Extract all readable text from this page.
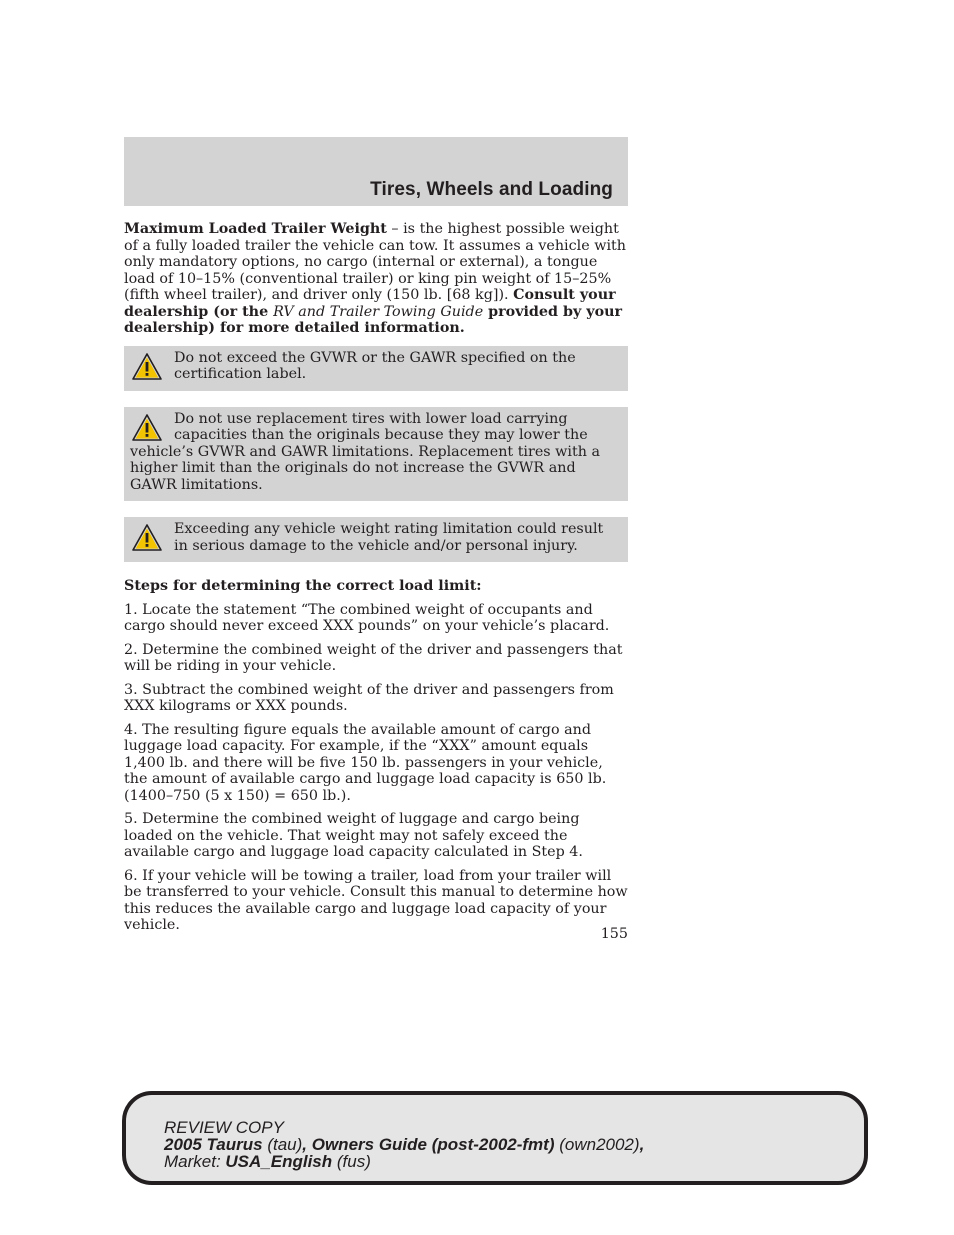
Tires, Wheels and Loading

Maximum Loaded Trailer Weight – is the highest possible weight of a fully loaded trailer the vehicle can tow. It assumes a vehicle with only mandatory options, no cargo (internal or external), a tongue load of 10–15% (conventional trailer) or king pin weight of 15–25% (fifth wheel trailer), and driver only (150 lb. [68 kg]). Consult your dealership (or the RV and Trailer Towing Guide provided by your dealership) for more detailed information.

Do not exceed the GVWR or the GAWR specified on the certification label.
Do not use replacement tires with lower load carrying capacities than the originals because they may lower the vehicle’s GVWR and GAWR limitations. Replacement tires with a higher limit than the originals do not increase the GVWR and GAWR limitations.
Exceeding any vehicle weight rating limitation could result in serious damage to the vehicle and/or personal injury.

Steps for determining the correct load limit:

1. Locate the statement “The combined weight of occupants and cargo should never exceed XXX pounds” on your vehicle’s placard.

2. Determine the combined weight of the driver and passengers that will be riding in your vehicle.

3. Subtract the combined weight of the driver and passengers from XXX kilograms or XXX pounds.

4. The resulting figure equals the available amount of cargo and luggage load capacity. For example, if the “XXX” amount equals 1,400 lb. and there will be five 150 lb. passengers in your vehicle, the amount of available cargo and luggage load capacity is 650 lb. (1400–750 (5 x 150) = 650 lb.).

5. Determine the combined weight of luggage and cargo being loaded on the vehicle. That weight may not safely exceed the available cargo and luggage load capacity calculated in Step 4.

6. If your vehicle will be towing a trailer, load from your trailer will be transferred to your vehicle. Consult this manual to determine how this reduces the available cargo and luggage load capacity of your vehicle.

155
REVIEW COPY
2005 Taurus (tau), Owners Guide (post-2002-fmt) (own2002),
Market: USA_English (fus)
